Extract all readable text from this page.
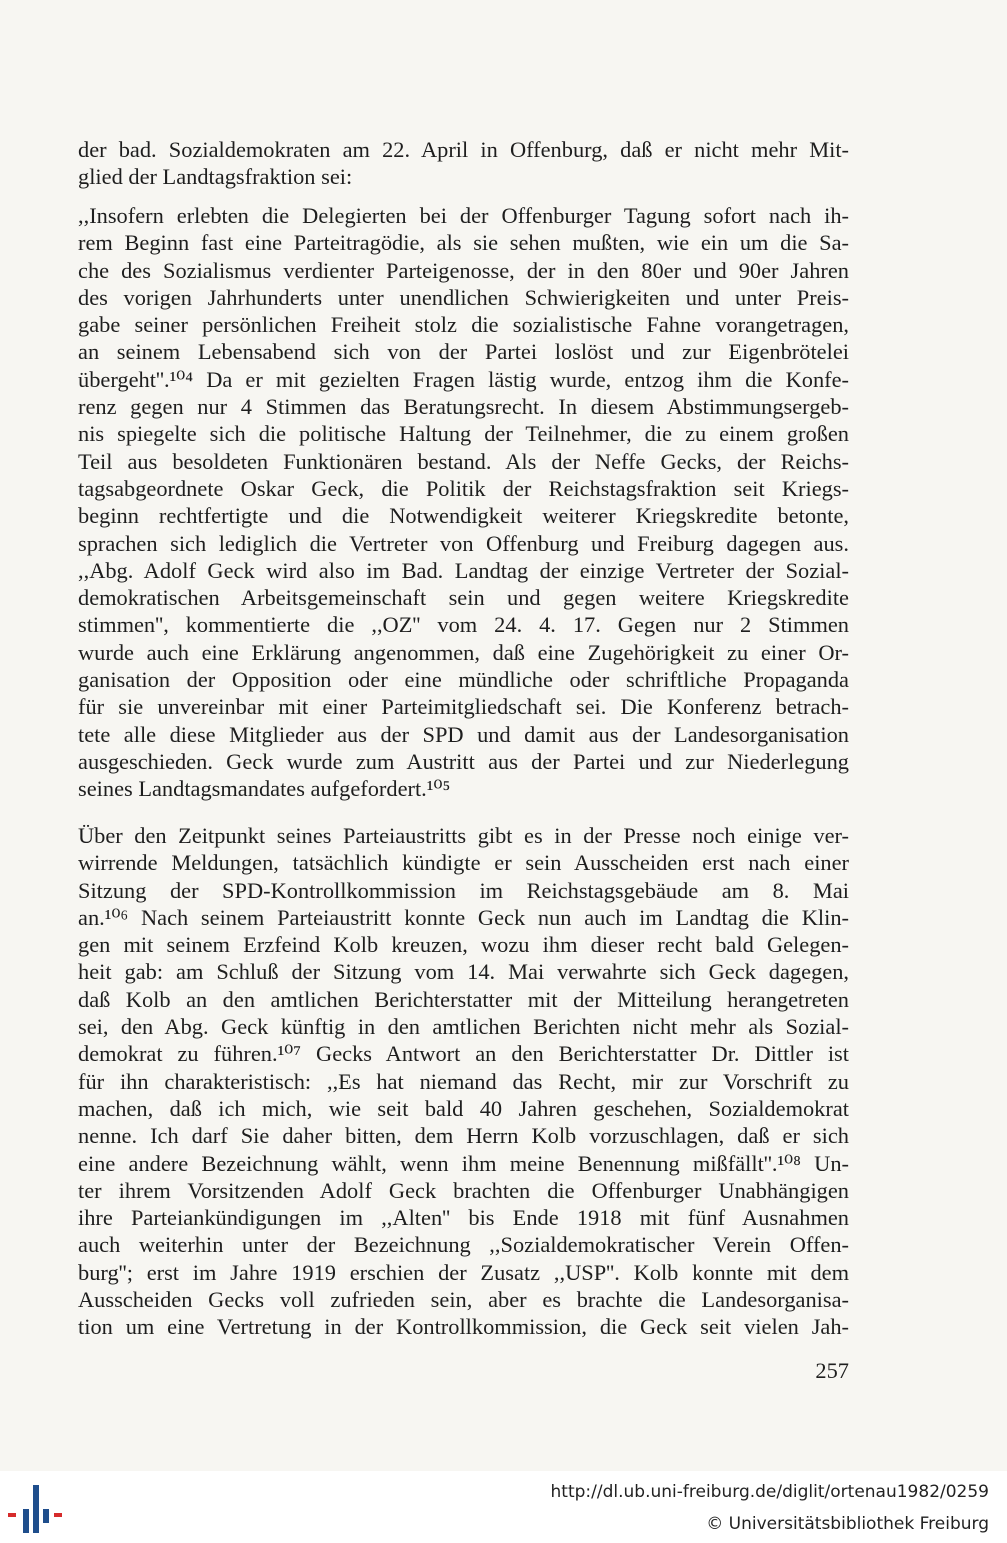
der bad. Sozialdemokraten am 22. April in Offenburg, daß er nicht mehr Mit-
glied der Landtagsfraktion sei:
,,Insofern erlebten die Delegierten bei der Offenburger Tagung sofort nach ih-
rem Beginn fast eine Parteitragödie, als sie sehen mußten, wie ein um die Sa-
che des Sozialismus verdienter Parteigenosse, der in den 80er und 90er Jahren
des vorigen Jahrhunderts unter unendlichen Schwierigkeiten und unter Preis-
gabe seiner persönlichen Freiheit stolz die sozialistische Fahne vorangetragen,
an seinem Lebensabend sich von der Partei loslöst und zur Eigenbrötelei
übergeht''.¹⁰⁴ Da er mit gezielten Fragen lästig wurde, entzog ihm die Konfe-
renz gegen nur 4 Stimmen das Beratungsrecht. In diesem Abstimmungsergeb-
nis spiegelte sich die politische Haltung der Teilnehmer, die zu einem großen
Teil aus besoldeten Funktionären bestand. Als der Neffe Gecks, der Reichs-
tagsabgeordnete Oskar Geck, die Politik der Reichstagsfraktion seit Kriegs-
beginn rechtfertigte und die Notwendigkeit weiterer Kriegskredite betonte,
sprachen sich lediglich die Vertreter von Offenburg und Freiburg dagegen aus.
,,Abg. Adolf Geck wird also im Bad. Landtag der einzige Vertreter der Sozial-
demokratischen Arbeitsgemeinschaft sein und gegen weitere Kriegskredite
stimmen'', kommentierte die ,,OZ'' vom 24. 4. 17. Gegen nur 2 Stimmen
wurde auch eine Erklärung angenommen, daß eine Zugehörigkeit zu einer Or-
ganisation der Opposition oder eine mündliche oder schriftliche Propaganda
für sie unvereinbar mit einer Parteimitgliedschaft sei. Die Konferenz betrach-
tete alle diese Mitglieder aus der SPD und damit aus der Landesorganisation
ausgeschieden. Geck wurde zum Austritt aus der Partei und zur Niederlegung
seines Landtagsmandates aufgefordert.¹⁰⁵
Über den Zeitpunkt seines Parteiaustritts gibt es in der Presse noch einige ver-
wirrende Meldungen, tatsächlich kündigte er sein Ausscheiden erst nach einer
Sitzung der SPD-Kontrollkommission im Reichstagsgebäude am 8. Mai
an.¹⁰⁶ Nach seinem Parteiaustritt konnte Geck nun auch im Landtag die Klin-
gen mit seinem Erzfeind Kolb kreuzen, wozu ihm dieser recht bald Gelegen-
heit gab: am Schluß der Sitzung vom 14. Mai verwahrte sich Geck dagegen,
daß Kolb an den amtlichen Berichterstatter mit der Mitteilung herangetreten
sei, den Abg. Geck künftig in den amtlichen Berichten nicht mehr als Sozial-
demokrat zu führen.¹⁰⁷ Gecks Antwort an den Berichterstatter Dr. Dittler ist
für ihn charakteristisch: ,,Es hat niemand das Recht, mir zur Vorschrift zu
machen, daß ich mich, wie seit bald 40 Jahren geschehen, Sozialdemokrat
nenne. Ich darf Sie daher bitten, dem Herrn Kolb vorzuschlagen, daß er sich
eine andere Bezeichnung wählt, wenn ihm meine Benennung mißfällt''.¹⁰⁸ Un-
ter ihrem Vorsitzenden Adolf Geck brachten die Offenburger Unabhängigen
ihre Parteiankündigungen im ,,Alten'' bis Ende 1918 mit fünf Ausnahmen
auch weiterhin unter der Bezeichnung ,,Sozialdemokratischer Verein Offen-
burg''; erst im Jahre 1919 erschien der Zusatz ,,USP''. Kolb konnte mit dem
Ausscheiden Gecks voll zufrieden sein, aber es brachte die Landesorganisa-
tion um eine Vertretung in der Kontrollkommission, die Geck seit vielen Jah-
257
http://dl.ub.uni-freiburg.de/diglit/ortenau1982/0259
© Universitätsbibliothek Freiburg
